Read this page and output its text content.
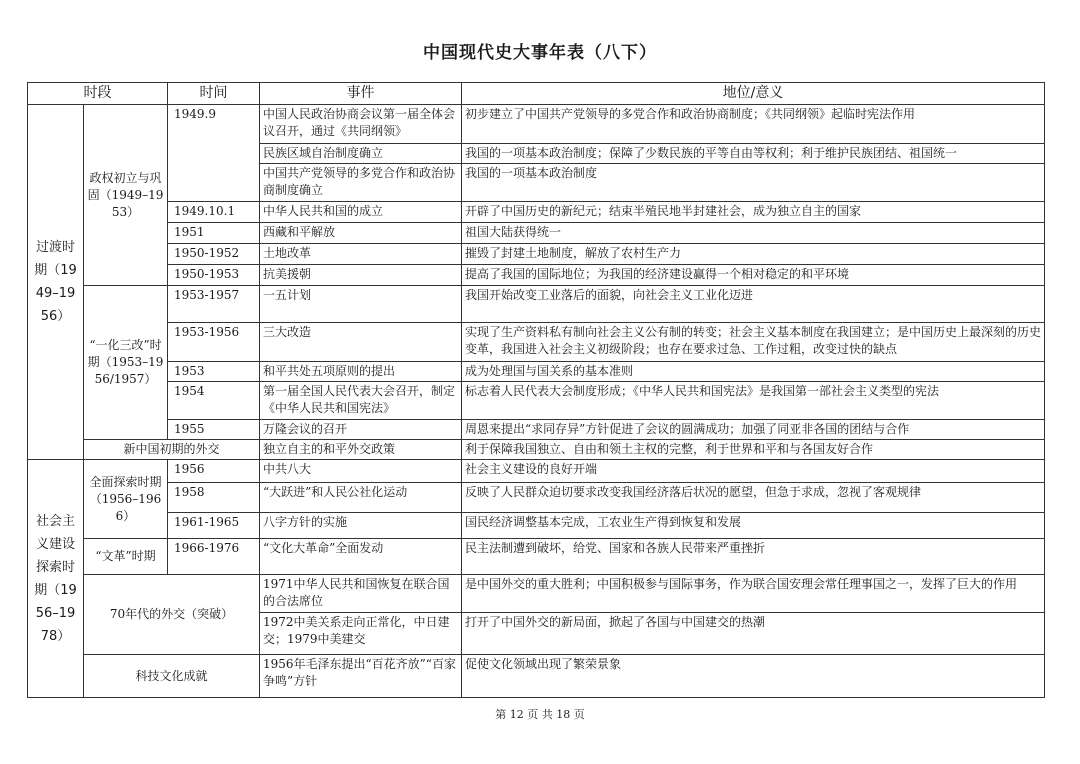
中国现代史大事年表（八下）
时段		时间	事件	地位/意义
过渡时期（1949–1956）	政权初立与巩固（1949–1953）	1949.9	中国人民政治协商会议第一届全体会议召开，通过《共同纲领》	初步建立了中国共产党领导的多党合作和政治协商制度；《共同纲领》起临时宪法作用
			民族区域自治制度确立	我国的一项基本政治制度；保障了少数民族的平等自由等权利；利于维护民族团结、祖国统一
			中国共产党领导的多党合作和政治协商制度确立	我国的一项基本政治制度
		1949.10.1	中华人民共和国的成立	开辟了中国历史的新纪元；结束半殖民地半封建社会，成为独立自主的国家
		1951	西藏和平解放	祖国大陆获得统一
		1950-1952	土地改革	摧毁了封建土地制度，解放了农村生产力
		1950-1953	抗美援朝	提高了我国的国际地位；为我国的经济建设赢得一个相对稳定的和平环境
	“一化三改”时期（1953–1956/1957）	1953-1957	一五计划	我国开始改变工业落后的面貌，向社会主义工业化迈进
		1953-1956	三大改造	实现了生产资料私有制向社会主义公有制的转变；社会主义基本制度在我国建立；是中国历史上最深刻的历史变革，我国进入社会主义初级阶段；也存在要求过急、工作过粗，改变过快的缺点
		1953	和平共处五项原则的提出	成为处理国与国关系的基本准则
		1954	第一届全国人民代表大会召开，制定《中华人民共和国宪法》	标志着人民代表大会制度形成；《中华人民共和国宪法》是我国第一部社会主义类型的宪法
		1955	万隆会议的召开	周恩来提出“求同存异”方针促进了会议的圆满成功；加强了同亚非各国的团结与合作
	新中国初期的外交		独立自主的和平外交政策	利于保障我国独立、自由和领土主权的完整，利于世界和平和与各国友好合作
社会主义建设探索时期（1956–1978）	全面探索时期（1956–1966）	1956	中共八大	社会主义建设的良好开端
		1958	“大跃进”和人民公社化运动	反映了人民群众迫切要求改变我国经济落后状况的愿望，但急于求成，忽视了客观规律
		1961-1965	八字方针的实施	国民经济调整基本完成，工农业生产得到恢复和发展
	“文革”时期	1966-1976	“文化大革命”全面发动	民主法制遭到破坏，给党、国家和各族人民带来严重挫折
	70年代的外交（突破）		1971中华人民共和国恢复在联合国的合法席位	是中国外交的重大胜利；中国积极参与国际事务，作为联合国安理会常任理事国之一，发挥了巨大的作用
			1972中美关系走向正常化，中日建交；1979中美建交	打开了中国外交的新局面，掀起了各国与中国建交的热潮
	科技文化成就		1956年毛泽东提出“百花齐放”“百家争鸣”方针	促使文化领域出现了繁荣景象
第 12 页 共 18 页
